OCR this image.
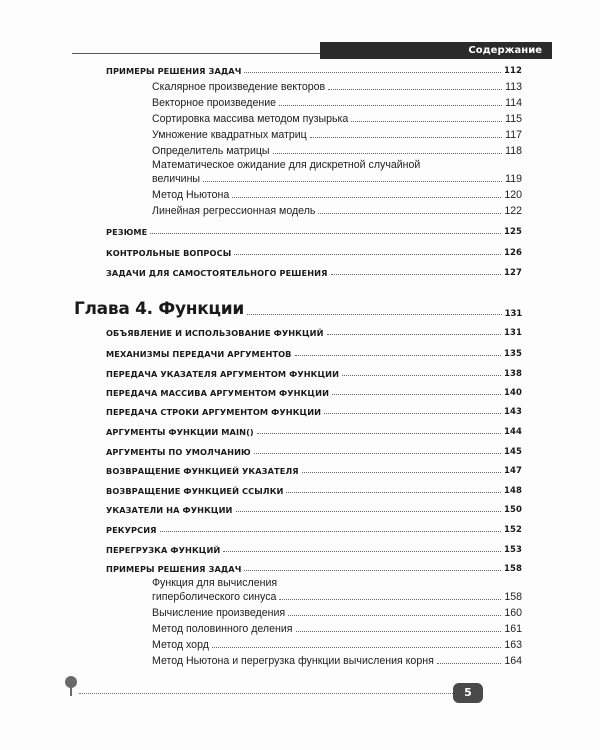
Содержание
ПРИМЕРЫ РЕШЕНИЯ ЗАДАЧ	112
Скалярное произведение векторов	113
Векторное произведение	114
Сортировка массива методом пузырька	115
Умножение квадратных матриц	117
Определитель матрицы	118
Математическое ожидание для дискретной случайной
величины	119
Метод Ньютона	120
Линейная регрессионная модель	122
РЕЗЮМЕ	125
КОНТРОЛЬНЫЕ ВОПРОСЫ	126
ЗАДАЧИ ДЛЯ САМОСТОЯТЕЛЬНОГО РЕШЕНИЯ	127
Глава 4. Функции	131
ОБЪЯВЛЕНИЕ И ИСПОЛЬЗОВАНИЕ ФУНКЦИЙ	131
МЕХАНИЗМЫ ПЕРЕДАЧИ АРГУМЕНТОВ	135
ПЕРЕДАЧА УКАЗАТЕЛЯ АРГУМЕНТОМ ФУНКЦИИ	138
ПЕРЕДАЧА МАССИВА АРГУМЕНТОМ ФУНКЦИИ	140
ПЕРЕДАЧА СТРОКИ АРГУМЕНТОМ ФУНКЦИИ	143
АРГУМЕНТЫ ФУНКЦИИ MAIN()	144
АРГУМЕНТЫ ПО УМОЛЧАНИЮ	145
ВОЗВРАЩЕНИЕ ФУНКЦИЕЙ УКАЗАТЕЛЯ	147
ВОЗВРАЩЕНИЕ ФУНКЦИЕЙ ССЫЛКИ	148
УКАЗАТЕЛИ НА ФУНКЦИИ	150
РЕКУРСИЯ	152
ПЕРЕГРУЗКА ФУНКЦИЙ	153
ПРИМЕРЫ РЕШЕНИЯ ЗАДАЧ	158
Функция для вычисления
гиперболического синуса	158
Вычисление произведения	160
Метод половинного деления	161
Метод хорд	163
Метод Ньютона и перегрузка функции вычисления корня	164
5
